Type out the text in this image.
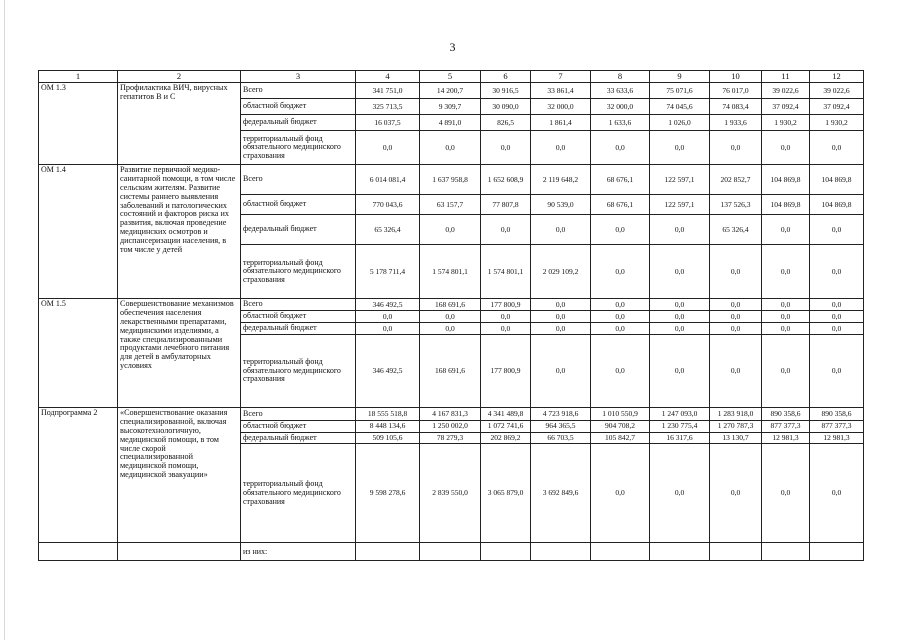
3
1	2	3	4	5	6	7	8	9	10	11	12
ОМ 1.3	Профилактика ВИЧ, вирусных гепатитов В и С	Всего	341 751,0	14 200,7	30 916,5	33 861,4	33 633,6	75 071,6	76 017,0	39 022,6	39 022,6
		областной бюджет	325 713,5	9 309,7	30 090,0	32 000,0	32 000,0	74 045,6	74 083,4	37 092,4	37 092,4
		федеральный бюджет	16 037,5	4 891,0	826,5	1 861,4	1 633,6	1 026,0	1 933,6	1 930,2	1 930,2
		территориальный фонд обязательного медицинского страхования	0,0	0,0	0,0	0,0	0,0	0,0	0,0	0,0	0,0
ОМ 1.4	Развитие первичной медико-санитарной помощи, в том числе сельским жителям. Развитие системы раннего выявления заболеваний и патологических состояний и факторов риска их развития, включая проведение медицинских осмотров и диспансеризации населения, в том числе у детей	Всего	6 014 081,4	1 637 958,8	1 652 608,9	2 119 648,2	68 676,1	122 597,1	202 852,7	104 869,8	104 869,8
		областной бюджет	770 043,6	63 157,7	77 807,8	90 539,0	68 676,1	122 597,1	137 526,3	104 869,8	104 869,8
		федеральный бюджет	65 326,4	0,0	0,0	0,0	0,0	0,0	65 326,4	0,0	0,0
		территориальный фонд обязательного медицинского страхования	5 178 711,4	1 574 801,1	1 574 801,1	2 029 109,2	0,0	0,0	0,0	0,0	0,0
ОМ 1.5	Совершенствование механизмов обеспечения населения лекарственными препаратами, медицинскими изделиями, а также специализированными продуктами лечебного питания для детей в амбулаторных условиях	Всего	346 492,5	168 691,6	177 800,9	0,0	0,0	0,0	0,0	0,0	0,0
		областной бюджет	0,0	0,0	0,0	0,0	0,0	0,0	0,0	0,0	0,0
		федеральный бюджет	0,0	0,0	0,0	0,0	0,0	0,0	0,0	0,0	0,0
		территориальный фонд обязательного медицинского страхования	346 492,5	168 691,6	177 800,9	0,0	0,0	0,0	0,0	0,0	0,0
Подпрограмма 2	«Совершенствование оказания специализированной, включая высокотехнологичную, медицинской помощи, в том числе скорой специализированной медицинской помощи, медицинской эвакуации»	Всего	18 555 518,8	4 167 831,3	4 341 489,8	4 723 918,6	1 010 550,9	1 247 093,0	1 283 918,0	890 358,6	890 358,6
		областной бюджет	8 448 134,6	1 250 002,0	1 072 741,6	964 365,5	904 708,2	1 230 775,4	1 270 787,3	877 377,3	877 377,3
		федеральный бюджет	509 105,6	78 279,3	202 869,2	66 703,5	105 842,7	16 317,6	13 130,7	12 981,3	12 981,3
		территориальный фонд обязательного медицинского страхования	9 598 278,6	2 839 550,0	3 065 879,0	3 692 849,6	0,0	0,0	0,0	0,0	0,0
		из них:									
